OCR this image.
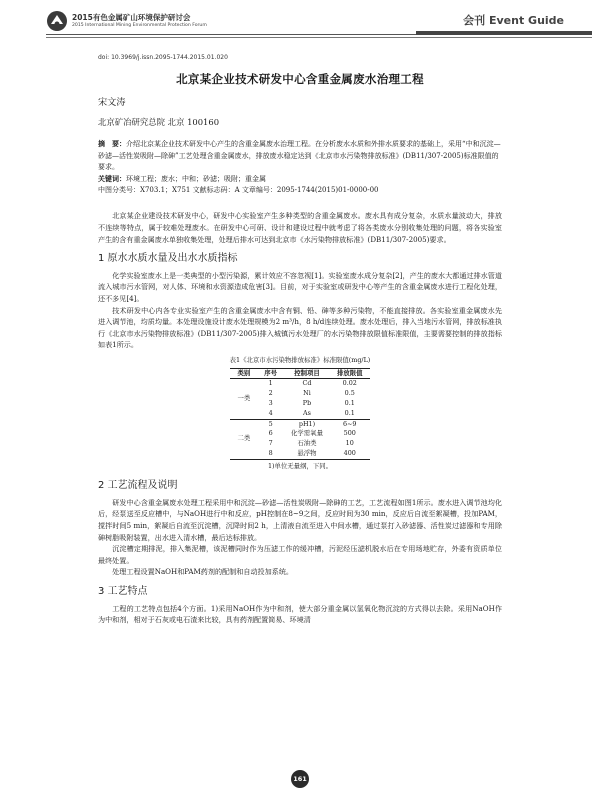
2015有色金属矿山环境保护研讨会
2015 International Mining Environmental Protection Forum	会刊 Event Guide

doi: 10.3969/j.issn.2095-1744.2015.01.020

北京某企业技术研发中心含重金属废水治理工程

宋文涛

北京矿冶研究总院 北京 100160

摘　要：介绍北京某企业技术研发中心产生的含重金属废水治理工程。在分析废水水质和外排水质要求的基础上，采用“中和沉淀—砂滤—活性炭吸附—除砷”工艺处理含重金属废水，排放废水稳定达到《北京市水污染物排放标准》(DB11/307-2005)标准限值的要求。

关键词：环境工程；废水；中和；砂滤；吸附；重金属

中图分类号：X703.1；X751 文献标志码：A 文章编号：2095-1744(2015)01-0000-00

北京某企业建设技术研发中心，研发中心实验室产生多种类型的含重金属废水。废水具有成分复杂，水质水量波动大，排放不连续等特点，属于较难处理废水。在研发中心可研、设计和建设过程中就考虑了将各类废水分别收集处理的问题，将各实验室产生的含有重金属废水单独收集处理，处理后排水可达到北京市《水污染物排放标准》(DB11/307-2005)要求。

1 原水水质水量及出水水质指标

化学实验室废水上是一类典型的小型污染源，累计效应不容忽视[1]。实验室废水成分复杂[2]，产生的废水大都通过排水管道流入城市污水管网，对人体、环境和水资源造成危害[3]。目前，对于实验室或研发中心等产生的含重金属废水进行工程化处理，还不多见[4]。

技术研发中心内各专业实验室产生的含重金属废水中含有铜、铅、砷等多种污染物，不能直接排放。各实验室重金属废水先进入调节池，均质均量。本处理设施设计废水处理规模为2 m³/h，8 h/d连续处理。废水处理后，排入当地污水管网，排放标准执行《北京市水污染物排放标准》(DB11/307-2005)排入城镇污水处理厂的水污染物排放限值标准限值，主要需要控制的排放指标如表1所示。

表1《北京市水污染物排放标准》标准限值(mg/L)
类别	序号	控制项目	排放限值
一类	1	Cd	0.02
	2	Ni	0.5
	3	Pb	0.1
	4	As	0.1
二类	5	pH1)	6~9
	6	化学需氧量	500
	7	石油类	10
	8	悬浮物	400
1)单位无量纲，下同。
2 工艺流程及说明

研发中心含重金属废水处理工程采用中和沉淀—砂滤—活性炭吸附—除砷的工艺，工艺流程如图1所示。废水进入调节池均化后，经泵送至反应槽中，与NaOH进行中和反应，pH控制在8~9之间，反应时间为30 min，反应后自流至絮凝槽，投加PAM，搅拌时间5 min，絮凝后自流至沉淀槽，沉降时间2 h，上清液自流至进入中间水槽，通过泵打入砂滤器、活性炭过滤器和专用除砷树脂吸附装置，出水进入清水槽，最后达标排放。

沉淀槽定期排泥，排入集泥槽，该泥槽同时作为压滤工作的缓冲槽，污泥经压滤机脱水后在专用场地贮存，外委有资质单位最终处置。

处理工程设置NaOH和PAM药剂的配制和自动投加系统。

3 工艺特点

工程的工艺特点包括4个方面。1)采用NaOH作为中和剂，使大部分重金属以氢氧化物沉淀的方式得以去除。采用NaOH作为中和剂，相对于石灰或电石渣来比较，具有药剂配置简易、环境清

161
